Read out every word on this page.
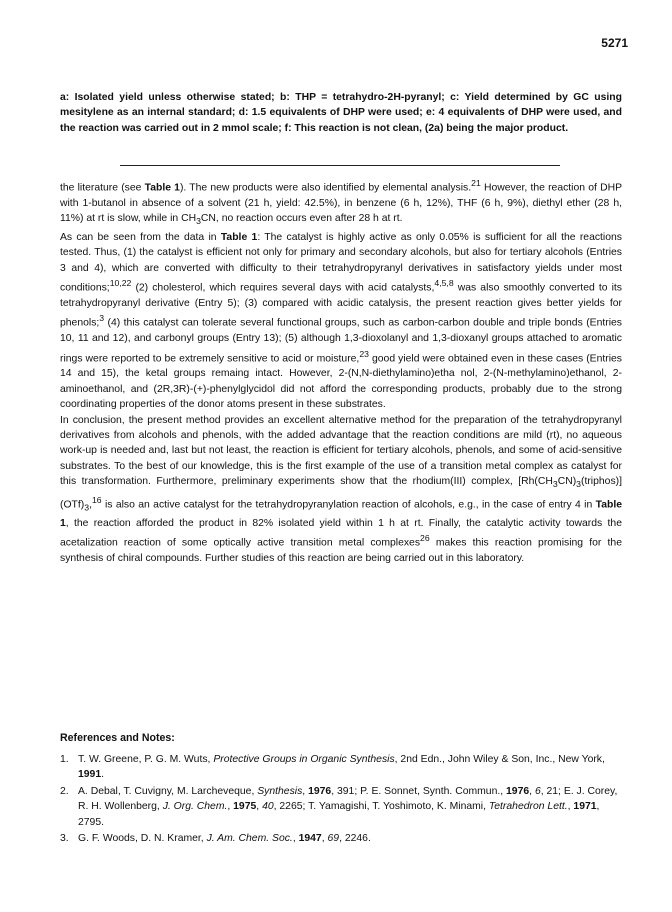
5271
a: Isolated yield unless otherwise stated; b: THP = tetrahydro-2H-pyranyl; c: Yield determined by GC using mesitylene as an internal standard; d: 1.5 equivalents of DHP were used; e: 4 equivalents of DHP were used, and the reaction was carried out in 2 mmol scale; f: This reaction is not clean, (2a) being the major product.

the literature (see Table 1). The new products were also identified by elemental analysis.$^{21}$ However, the reaction of DHP with 1-butanol in absence of a solvent (21 h, yield: 42.5%), in benzene (6 h, 12%), THF (6 h, 9%), diethyl ether (28 h, 11%) at rt is slow, while in $CH_3CN$, no reaction occurs even after 28 h at rt.

As can be seen from the data in Table 1: The catalyst is highly active as only 0.05% is sufficient for all the reactions tested. Thus, (1) the catalyst is efficient not only for primary and secondary alcohols, but also for tertiary alcohols (Entries 3 and 4), which are converted with difficulty to their tetrahydropyranyl derivatives in satisfactory yields under most conditions;$^{10,22}$ (2) cholesterol, which requires several days with acid catalysts,$^{4,5,8}$ was also smoothly converted to its tetrahydropyranyl derivative (Entry 5); (3) compared with acidic catalysis, the present reaction gives better yields for phenols;$^3$ (4) this catalyst can tolerate several functional groups, such as carbon-carbon double and triple bonds (Entries 10, 11 and 12), and carbonyl groups (Entry 13); (5) although 1,3-dioxolanyl and 1,3-dioxanyl groups attached to aromatic rings were reported to be extremely sensitive to acid or moisture,$^{23}$ good yield were obtained even in these cases (Entries 14 and 15), the ketal groups remaing intact. However, 2-(N,N-diethylamino)etha nol, 2-(N-methylamino)ethanol, 2-aminoethanol, and (2R,3R)-(+)-phenylglycidol did not afford the corresponding products, probably due to the strong coordinating properties of the donor atoms present in these substrates.

In conclusion, the present method provides an excellent alternative method for the preparation of the tetrahydropyranyl derivatives from alcohols and phenols, with the added advantage that the reaction conditions are mild (rt), no aqueous work-up is needed and, last but not least, the reaction is efficient for tertiary alcohols, phenols, and some of acid-sensitive substrates. To the best of our knowledge, this is the first example of the use of a transition metal complex as catalyst for this transformation. Furthermore, preliminary experiments show that the rhodium(III) complex, $[Rh(CH_3CN)_3(triphos)](OTf)_3,^{16}$ is also an active catalyst for the tetrahydropyranylation reaction of alcohols, e.g., in the case of entry 4 in Table 1, the reaction afforded the product in 82% isolated yield within 1 h at rt. Finally, the catalytic activity towards the acetalization reaction of some optically active transition metal complexes$^{26}$ makes this reaction promising for the synthesis of chiral compounds. Further studies of this reaction are being carried out in this laboratory.

References and Notes:
1. T. W. Greene, P. G. M. Wuts, Protective Groups in Organic Synthesis, 2nd Edn., John Wiley & Son, Inc., New York, 1991.
2. A. Debal, T. Cuvigny, M. Larcheveque, Synthesis, 1976, 391; P. E. Sonnet, Synth. Commun., 1976, 6, 21; E. J. Corey, R. H. Wollenberg, J. Org. Chem., 1975, 40, 2265; T. Yamagishi, T. Yoshimoto, K. Minami, Tetrahedron Lett., 1971, 2795.
3. G. F. Woods, D. N. Kramer, J. Am. Chem. Soc., 1947, 69, 2246.
